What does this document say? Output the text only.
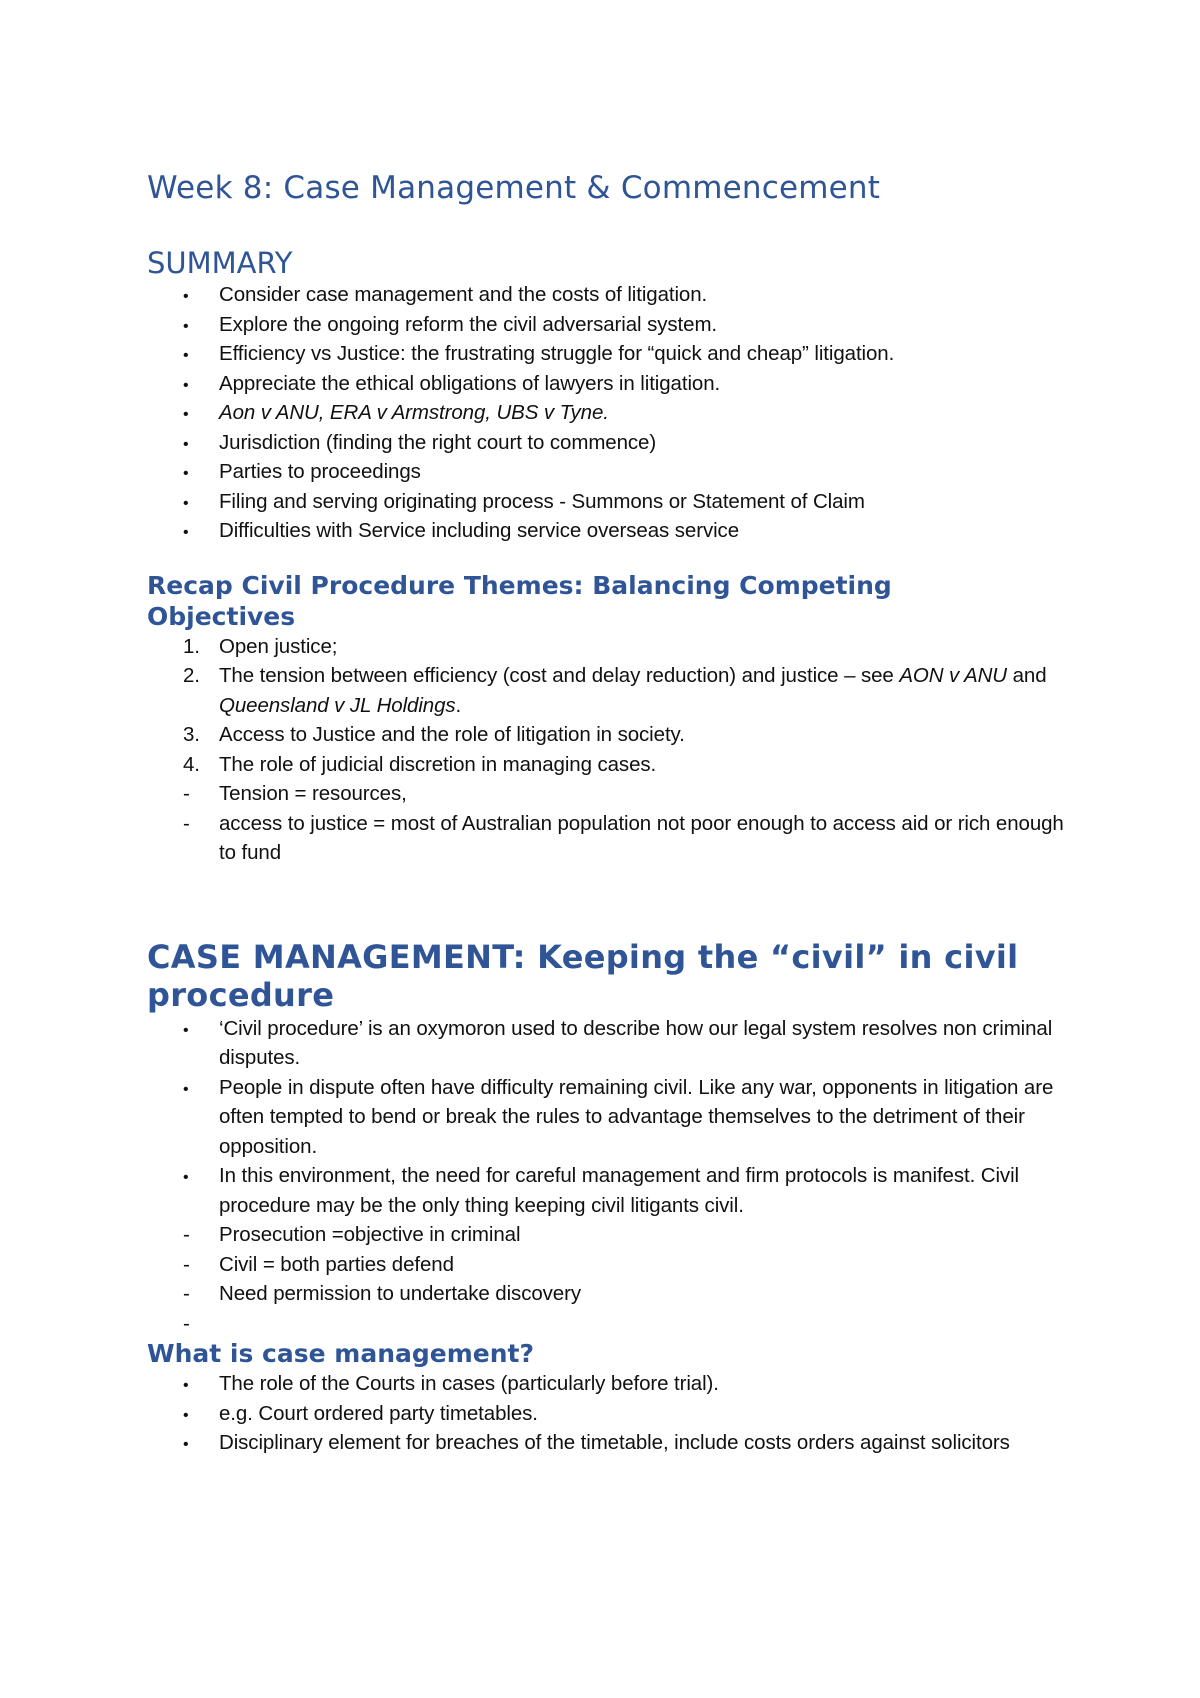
Week 8: Case Management & Commencement
SUMMARY
•
Consider case management and the costs of litigation.
•
Explore the ongoing reform the civil adversarial system.
•
Efficiency vs Justice: the frustrating struggle for “quick and cheap” litigation.
•
Appreciate the ethical obligations of lawyers in litigation.
•
Aon v ANU, ERA v Armstrong, UBS v Tyne.
•
Jurisdiction (finding the right court to commence)
•
Parties to proceedings
•
Filing and serving originating process - Summons or Statement of Claim
•
Difficulties with Service including service overseas service
Recap Civil Procedure Themes: Balancing Competing
Objectives
1. Open justice;
2. The tension between efficiency (cost and delay reduction) and justice – see AON v ANU and Queensland v JL Holdings.
3. Access to Justice and the role of litigation in society.
4. The role of judicial discretion in managing cases.
-
Tension = resources,
-
access to justice = most of Australian population not poor enough to access aid or rich enough to fund
CASE MANAGEMENT: Keeping the “civil” in civil
procedure
•
‘Civil procedure’ is an oxymoron used to describe how our legal system resolves non criminal disputes.
•
People in dispute often have difficulty remaining civil. Like any war, opponents in litigation are often tempted to bend or break the rules to advantage themselves to the detriment of their opposition.
•
In this environment, the need for careful management and firm protocols is manifest. Civil procedure may be the only thing keeping civil litigants civil.
-
Prosecution =objective in criminal
-
Civil = both parties defend
-
Need permission to undertake discovery
-

What is case management?
•
The role of the Courts in cases (particularly before trial).
•
e.g. Court ordered party timetables.
•
Disciplinary element for breaches of the timetable, include costs orders against solicitors
